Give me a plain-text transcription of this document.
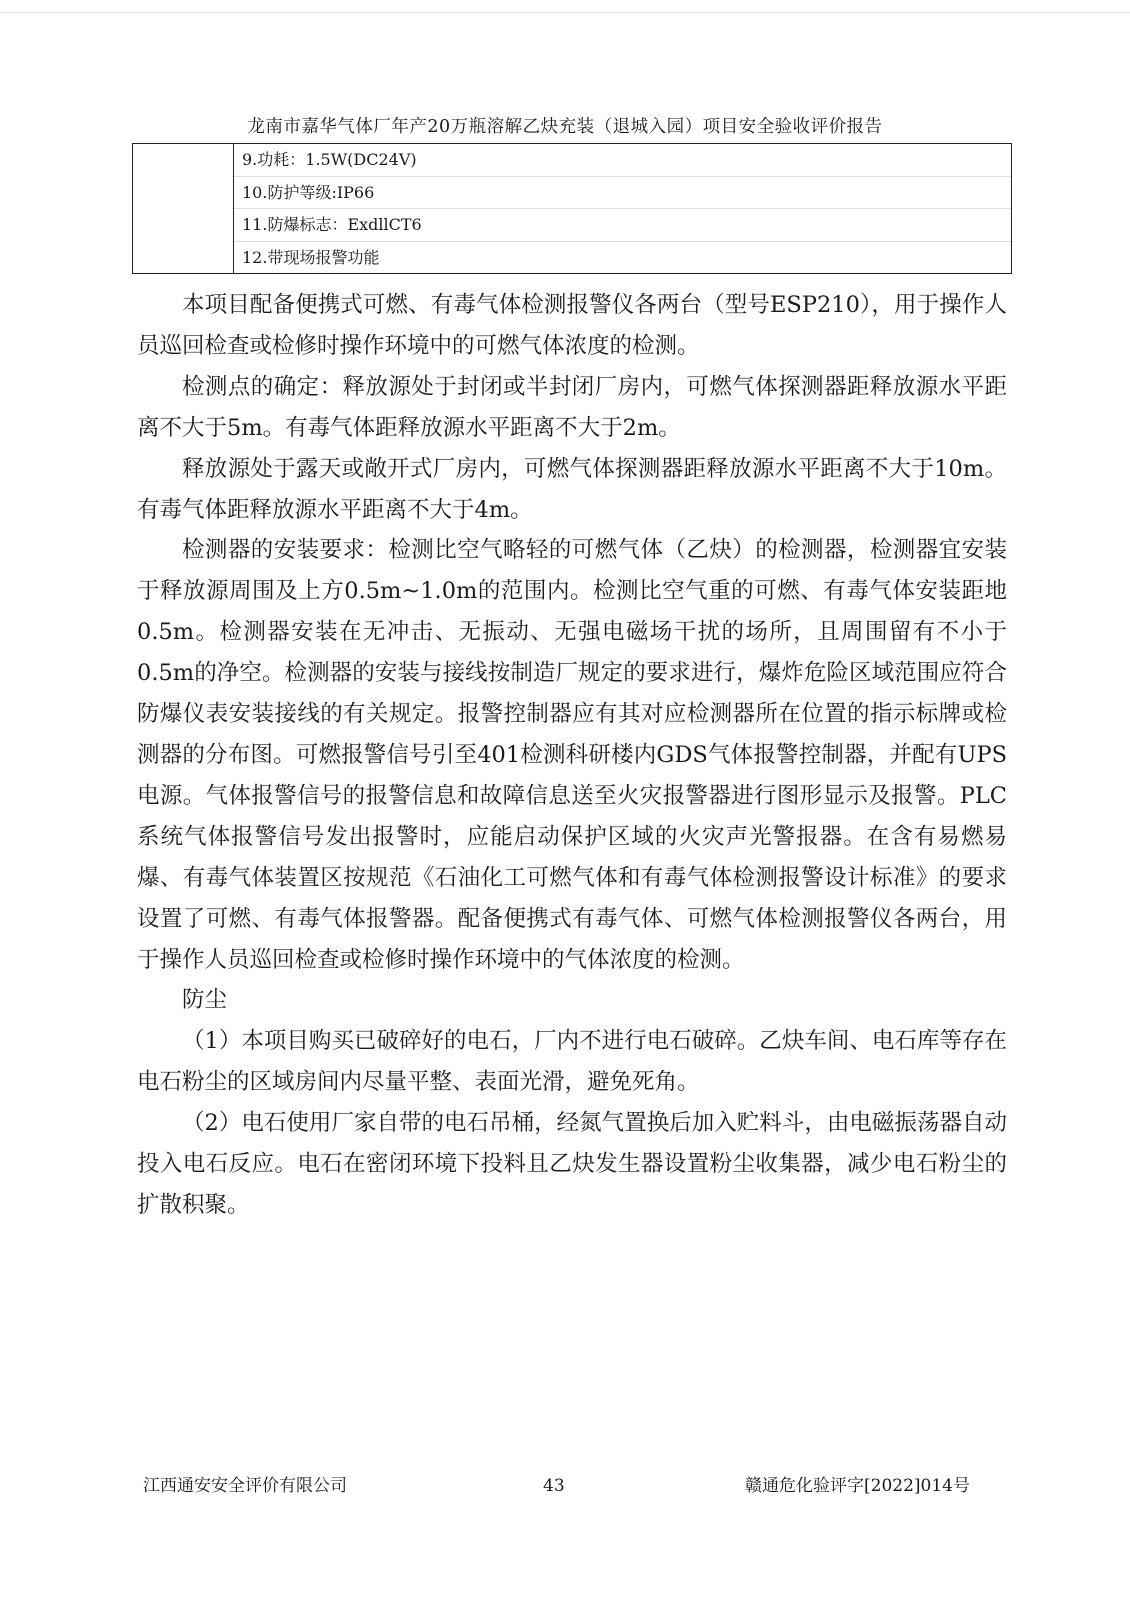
龙南市嘉华气体厂年产20万瓶溶解乙炔充装（退城入园）项目安全验收评价报告

9.功耗：1.5W(DC24V)
10.防护等级:IP66
11.防爆标志：ExdllCT6
12.带现场报警功能

本项目配备便携式可燃、有毒气体检测报警仪各两台（型号ESP210），用于操作人员巡回检查或检修时操作环境中的可燃气体浓度的检测。

检测点的确定：释放源处于封闭或半封闭厂房内，可燃气体探测器距释放源水平距离不大于5m。有毒气体距释放源水平距离不大于2m。

释放源处于露天或敞开式厂房内，可燃气体探测器距释放源水平距离不大于10m。有毒气体距释放源水平距离不大于4m。

检测器的安装要求：检测比空气略轻的可燃气体（乙炔）的检测器，检测器宜安装于释放源周围及上方0.5m~1.0m的范围内。检测比空气重的可燃、有毒气体安装距地0.5m。检测器安装在无冲击、无振动、无强电磁场干扰的场所，且周围留有不小于0.5m的净空。检测器的安装与接线按制造厂规定的要求进行，爆炸危险区域范围应符合防爆仪表安装接线的有关规定。报警控制器应有其对应检测器所在位置的指示标牌或检测器的分布图。可燃报警信号引至401检测科研楼内GDS气体报警控制器，并配有UPS电源。气体报警信号的报警信息和故障信息送至火灾报警器进行图形显示及报警。PLC系统气体报警信号发出报警时，应能启动保护区域的火灾声光警报器。在含有易燃易爆、有毒气体装置区按规范《石油化工可燃气体和有毒气体检测报警设计标准》的要求设置了可燃、有毒气体报警器。配备便携式有毒气体、可燃气体检测报警仪各两台，用于操作人员巡回检查或检修时操作环境中的气体浓度的检测。

防尘

（1）本项目购买已破碎好的电石，厂内不进行电石破碎。乙炔车间、电石库等存在电石粉尘的区域房间内尽量平整、表面光滑，避免死角。

（2）电石使用厂家自带的电石吊桶，经氮气置换后加入贮料斗，由电磁振荡器自动投入电石反应。电石在密闭环境下投料且乙炔发生器设置粉尘收集器，减少电石粉尘的扩散积聚。

江西通安安全评价有限公司	43	赣通危化验评字[2022]014号
